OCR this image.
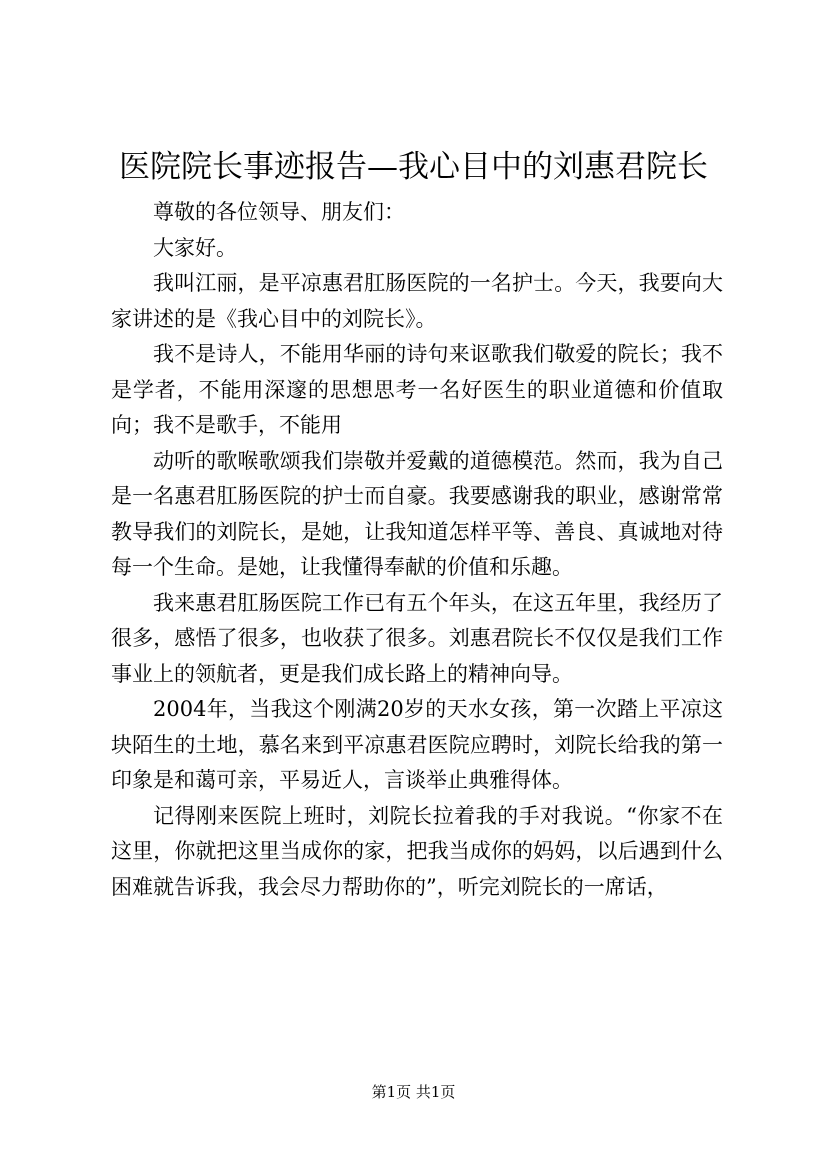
医院院长事迹报告—我心目中的刘惠君院长

尊敬的各位领导、朋友们：

大家好。

我叫江丽，是平凉惠君肛肠医院的一名护士。今天，我要向大家讲述的是《我心目中的刘院长》。

我不是诗人，不能用华丽的诗句来讴歌我们敬爱的院长；我不是学者，不能用深邃的思想思考一名好医生的职业道德和价值取向；我不是歌手，不能用

动听的歌喉歌颂我们崇敬并爱戴的道德模范。然而，我为自己是一名惠君肛肠医院的护士而自豪。我要感谢我的职业，感谢常常教导我们的刘院长，是她，让我知道怎样平等、善良、真诚地对待每一个生命。是她，让我懂得奉献的价值和乐趣。

我来惠君肛肠医院工作已有五个年头，在这五年里，我经历了很多，感悟了很多，也收获了很多。刘惠君院长不仅仅是我们工作事业上的领航者，更是我们成长路上的精神向导。

2004年，当我这个刚满20岁的天水女孩，第一次踏上平凉这块陌生的土地，慕名来到平凉惠君医院应聘时，刘院长给我的第一印象是和蔼可亲，平易近人，言谈举止典雅得体。

记得刚来医院上班时，刘院长拉着我的手对我说。“你家不在这里，你就把这里当成你的家，把我当成你的妈妈，以后遇到什么困难就告诉我，我会尽力帮助你的”，听完刘院长的一席话，

第1页 共1页
